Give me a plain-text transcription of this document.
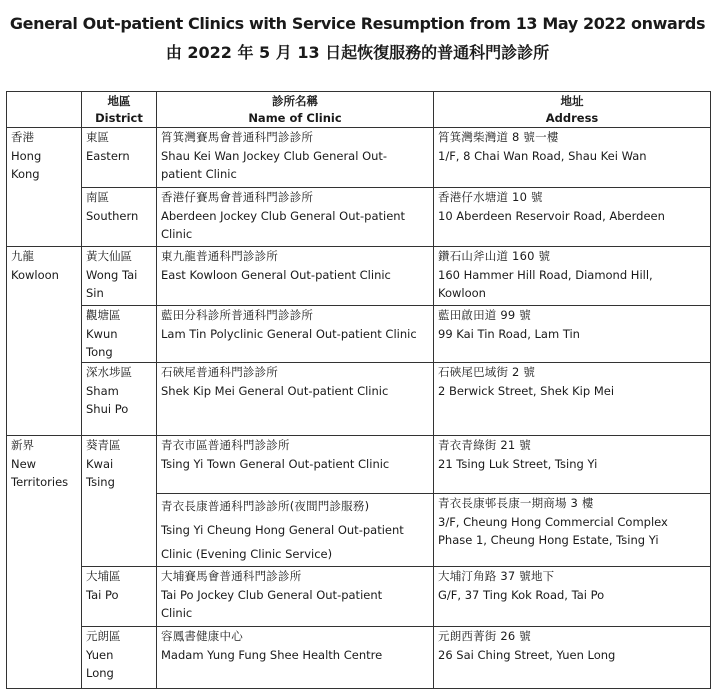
General Out-patient Clinics with Service Resumption from 13 May 2022 onwards
由 2022 年 5 月 13 日起恢復服務的普通科門診診所

	地區
District	診所名稱
Name of Clinic	地址
Address

香港
Hong
Kong	東區
Eastern	筲箕灣賽馬會普通科門診診所
Shau Kei Wan Jockey Club General Out-
patient Clinic	筲箕灣柴灣道 8 號一樓
1/F, 8 Chai Wan Road, Shau Kei Wan

	南區
Southern	香港仔賽馬會普通科門診診所
Aberdeen Jockey Club General Out-patient
Clinic	香港仔水塘道 10 號
10 Aberdeen Reservoir Road, Aberdeen

九龍
Kowloon	黃大仙區
Wong Tai
Sin	東九龍普通科門診診所
East Kowloon General Out-patient Clinic	鑽石山斧山道 160 號
160 Hammer Hill Road, Diamond Hill,
Kowloon

	觀塘區
Kwun
Tong	藍田分科診所普通科門診診所
Lam Tin Polyclinic General Out-patient Clinic	藍田啟田道 99 號
99 Kai Tin Road, Lam Tin

	深水埗區
Sham
Shui Po	石硤尾普通科門診診所
Shek Kip Mei General Out-patient Clinic	石硤尾巴域街 2 號
2 Berwick Street, Shek Kip Mei

新界
New
Territories	葵青區
Kwai
Tsing	青衣市區普通科門診診所
Tsing Yi Town General Out-patient Clinic	青衣青綠街 21 號
21 Tsing Luk Street, Tsing Yi

		青衣長康普通科門診診所(夜間門診服務)
Tsing Yi Cheung Hong General Out-patient
Clinic (Evening Clinic Service)	青衣長康邨長康一期商場 3 樓
3/F, Cheung Hong Commercial Complex
Phase 1, Cheung Hong Estate, Tsing Yi

	大埔區
Tai Po	大埔賽馬會普通科門診診所
Tai Po Jockey Club General Out-patient
Clinic	大埔汀角路 37 號地下
G/F, 37 Ting Kok Road, Tai Po

	元朗區
Yuen
Long	容鳳書健康中心
Madam Yung Fung Shee Health Centre	元朗西菁街 26 號
26 Sai Ching Street, Yuen Long
